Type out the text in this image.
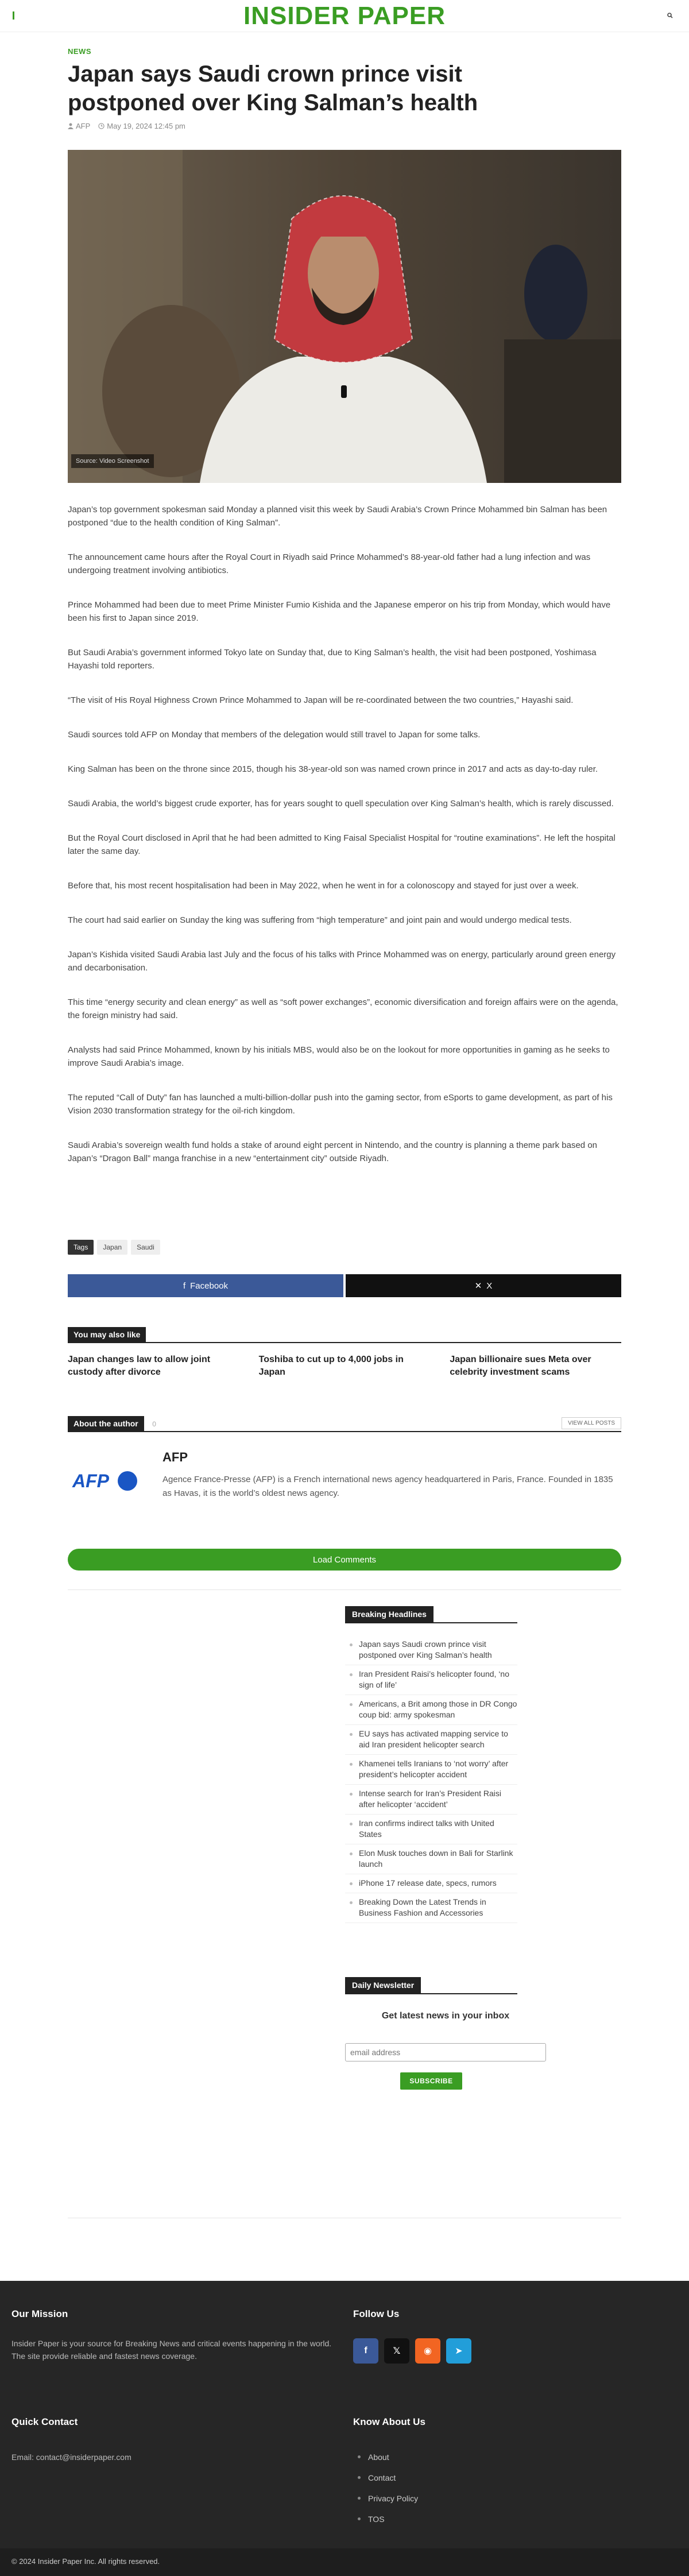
INSIDER PAPER
NEWS
Japan says Saudi crown prince visit postponed over King Salman’s health
AFP May 19, 2024 12:45 pm
Source: Video Screenshot

Japan’s top government spokesman said Monday a planned visit this week by Saudi Arabia’s Crown Prince Mohammed bin Salman has been postponed “due to the health condition of King Salman”.

The announcement came hours after the Royal Court in Riyadh said Prince Mohammed’s 88-year-old father had a lung infection and was undergoing treatment involving antibiotics.

Prince Mohammed had been due to meet Prime Minister Fumio Kishida and the Japanese emperor on his trip from Monday, which would have been his first to Japan since 2019.

But Saudi Arabia’s government informed Tokyo late on Sunday that, due to King Salman’s health, the visit had been postponed, Yoshimasa Hayashi told reporters.

“The visit of His Royal Highness Crown Prince Mohammed to Japan will be re-coordinated between the two countries,” Hayashi said.

Saudi sources told AFP on Monday that members of the delegation would still travel to Japan for some talks.

King Salman has been on the throne since 2015, though his 38-year-old son was named crown prince in 2017 and acts as day-to-day ruler.

Saudi Arabia, the world’s biggest crude exporter, has for years sought to quell speculation over King Salman’s health, which is rarely discussed.

But the Royal Court disclosed in April that he had been admitted to King Faisal Specialist Hospital for “routine examinations”. He left the hospital later the same day.

Before that, his most recent hospitalisation had been in May 2022, when he went in for a colonoscopy and stayed for just over a week.

The court had said earlier on Sunday the king was suffering from “high temperature” and joint pain and would undergo medical tests.

Japan’s Kishida visited Saudi Arabia last July and the focus of his talks with Prince Mohammed was on energy, particularly around green energy and decarbonisation.

This time “energy security and clean energy” as well as “soft power exchanges”, economic diversification and foreign affairs were on the agenda, the foreign ministry had said.

Analysts had said Prince Mohammed, known by his initials MBS, would also be on the lookout for more opportunities in gaming as he seeks to improve Saudi Arabia’s image.

The reputed “Call of Duty” fan has launched a multi-billion-dollar push into the gaming sector, from eSports to game development, as part of his Vision 2030 transformation strategy for the oil-rich kingdom.

Saudi Arabia’s sovereign wealth fund holds a stake of around eight percent in Nintendo, and the country is planning a theme park based on Japan’s “Dragon Ball” manga franchise in a new “entertainment city” outside Riyadh.

Tags	Japan	Saudi
f Facebook	✕ X
You may also like
Japan changes law to allow joint custody after divorce
Toshiba to cut up to 4,000 jobs in Japan
Japan billionaire sues Meta over celebrity investment scams
About the author 0	VIEW ALL POSTS
AFP
AFP
Agence France-Presse (AFP) is a French international news agency headquartered in Paris, France. Founded in 1835 as Havas, it is the world’s oldest news agency.
Load Comments
Breaking Headlines
Japan says Saudi crown prince visit postponed over King Salman’s health
Iran President Raisi’s helicopter found, ‘no sign of life’
Americans, a Brit among those in DR Congo coup bid: army spokesman
EU says has activated mapping service to aid Iran president helicopter search
Khamenei tells Iranians to ‘not worry’ after president’s helicopter accident
Intense search for Iran’s President Raisi after helicopter ‘accident’
Iran confirms indirect talks with United States
Elon Musk touches down in Bali for Starlink launch
iPhone 17 release date, specs, rumors
Breaking Down the Latest Trends in Business Fashion and Accessories
Daily Newsletter
Get latest news in your inbox
email address
SUBSCRIBE
Our Mission
Insider Paper is your source for Breaking News and critical events happening in the world. The site provide reliable and fastest news coverage.
Follow Us
f	𝕏	◉	➤
Quick Contact
Email: contact@insiderpaper.com
Know About Us
About
Contact
Privacy Policy
TOS
© 2024 Insider Paper Inc. All rights reserved.
